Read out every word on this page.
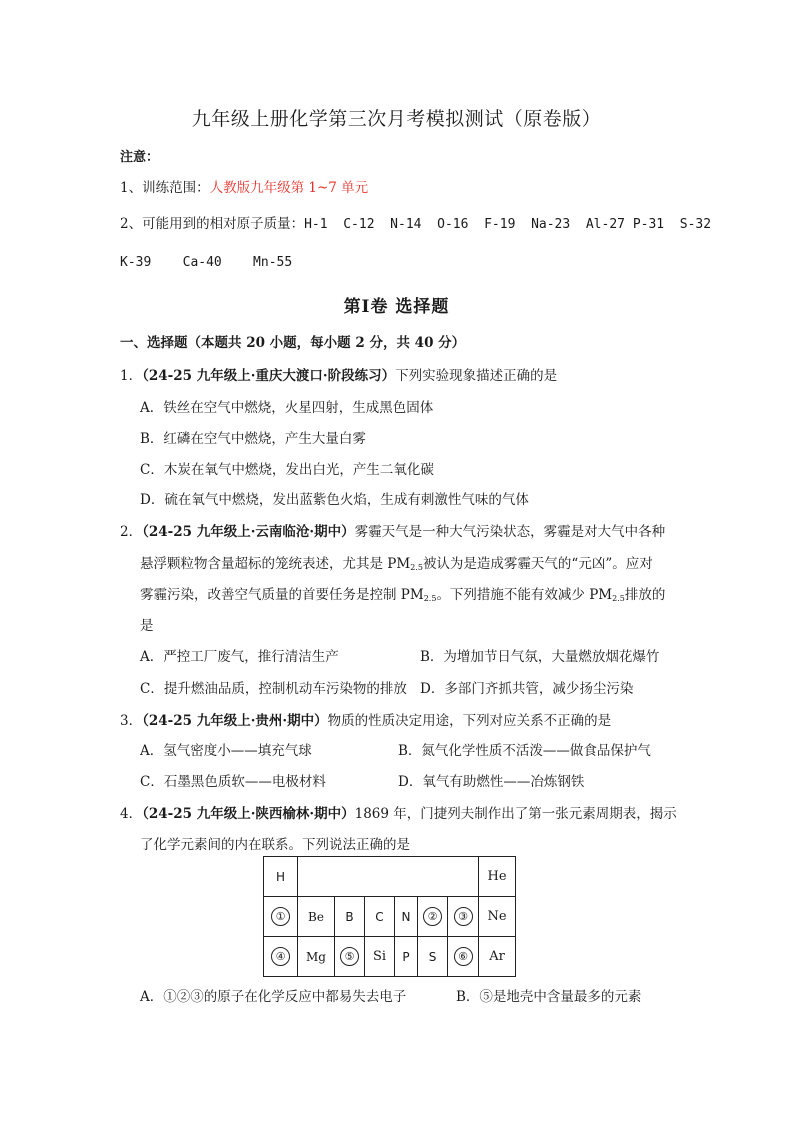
九年级上册化学第三次月考模拟测试（原卷版）
注意：
1、训练范围：人教版九年级第 1~7 单元
2、可能用到的相对原子质量：H-1  C-12  N-14  O-16  F-19  Na-23  Al-27 P-31  S-32
K-39    Ca-40    Mn-55
第Ⅰ卷 选择题
一、选择题（本题共 20 小题，每小题 2 分，共 40 分）
1．（24-25 九年级上·重庆大渡口·阶段练习）下列实验现象描述正确的是
A．铁丝在空气中燃烧，火星四射，生成黑色固体
B．红磷在空气中燃烧，产生大量白雾
C．木炭在氧气中燃烧，发出白光，产生二氧化碳
D．硫在氧气中燃烧，发出蓝紫色火焰，生成有刺激性气味的气体
2．（24-25 九年级上·云南临沧·期中）雾霾天气是一种大气污染状态，雾霾是对大气中各种
悬浮颗粒物含量超标的笼统表述，尤其是 $PM_{2.5}$被认为是造成雾霾天气的“元凶”。应对
雾霾污染，改善空气质量的首要任务是控制 $PM_{2.5}$。下列措施不能有效减少 $PM_{2.5}$排放的
是
A．严控工厂废气，推行清洁生产	B．为增加节日气氛，大量燃放烟花爆竹
C．提升燃油品质，控制机动车污染物的排放 D．多部门齐抓共管，减少扬尘污染
3．（24-25 九年级上·贵州·期中）物质的性质决定用途，下列对应关系不正确的是
A．氢气密度小——填充气球	B．氮气化学性质不活泼——做食品保护气
C．石墨黑色质软——电极材料	D．氧气有助燃性——冶炼钢铁
4．（24-25 九年级上·陕西榆林·期中）1869 年，门捷列夫制作出了第一张元素周期表，揭示
了化学元素间的内在联系。下列说法正确的是
H							He
①	Be	B	C	N	②	③	Ne
④	Mg	⑤	Si	P	S	⑥	Ar
A．①②③的原子在化学反应中都易失去电子	B．⑤是地壳中含量最多的元素
